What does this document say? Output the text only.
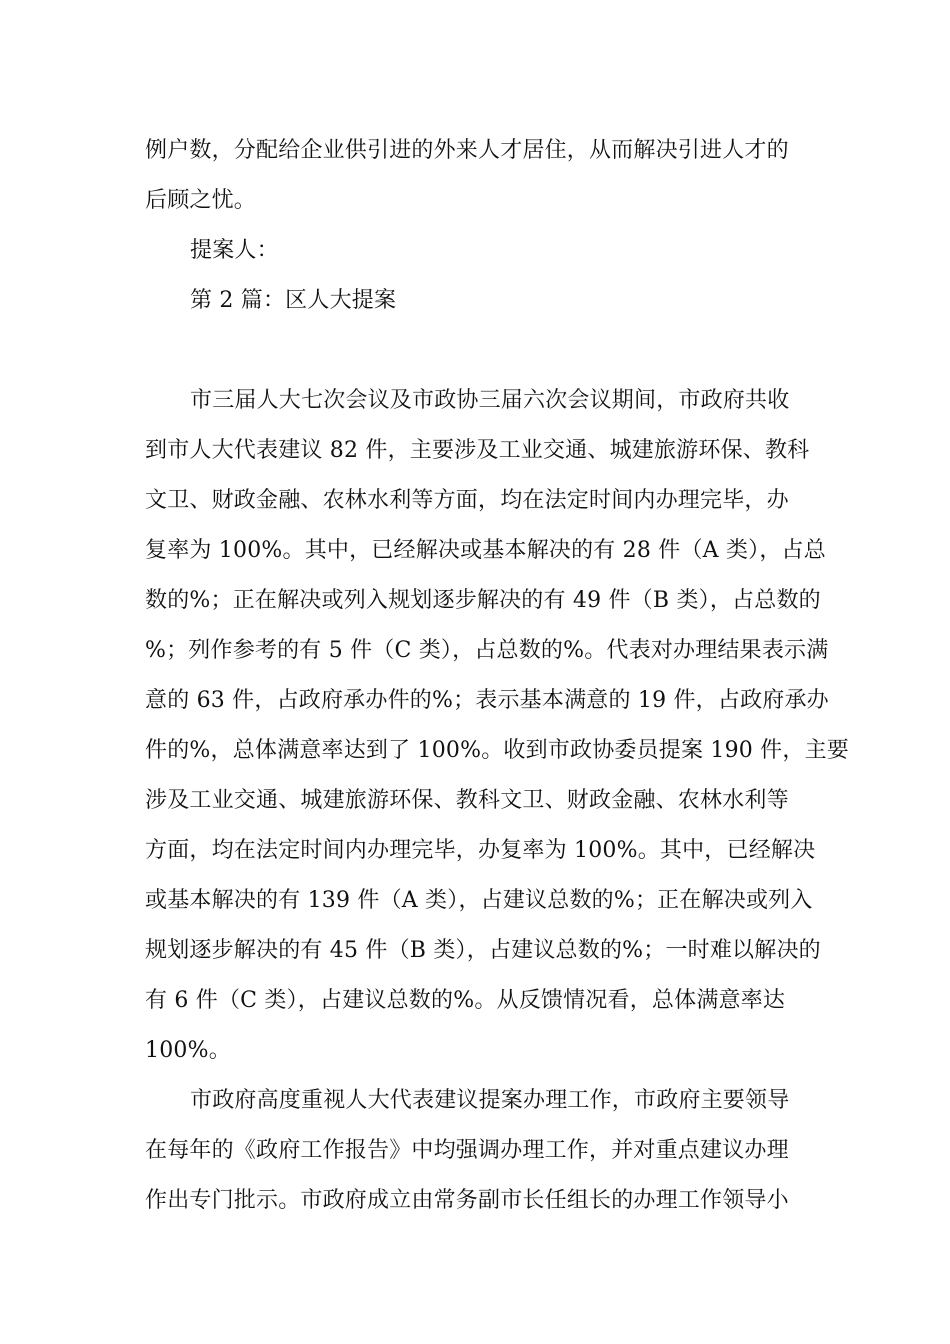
例户数，分配给企业供引进的外来人才居住，从而解决引进人才的
后顾之忧。
提案人：
第 2 篇：区人大提案
市三届人大七次会议及市政协三届六次会议期间，市政府共收
到市人大代表建议 82 件，主要涉及工业交通、城建旅游环保、教科
文卫、财政金融、农林水利等方面，均在法定时间内办理完毕，办
复率为 100%。其中，已经解决或基本解决的有 28 件（A 类），占总
数的%；正在解决或列入规划逐步解决的有 49 件（B 类），占总数的
%；列作参考的有 5 件（C 类），占总数的%。代表对办理结果表示满
意的 63 件，占政府承办件的%；表示基本满意的 19 件，占政府承办
件的%，总体满意率达到了 100%。收到市政协委员提案 190 件，主要
涉及工业交通、城建旅游环保、教科文卫、财政金融、农林水利等
方面，均在法定时间内办理完毕，办复率为 100%。其中，已经解决
或基本解决的有 139 件（A 类），占建议总数的%；正在解决或列入
规划逐步解决的有 45 件（B 类），占建议总数的%；一时难以解决的
有 6 件（C 类），占建议总数的%。从反馈情况看，总体满意率达
100%。
市政府高度重视人大代表建议提案办理工作，市政府主要领导
在每年的《政府工作报告》中均强调办理工作，并对重点建议办理
作出专门批示。市政府成立由常务副市长任组长的办理工作领导小
